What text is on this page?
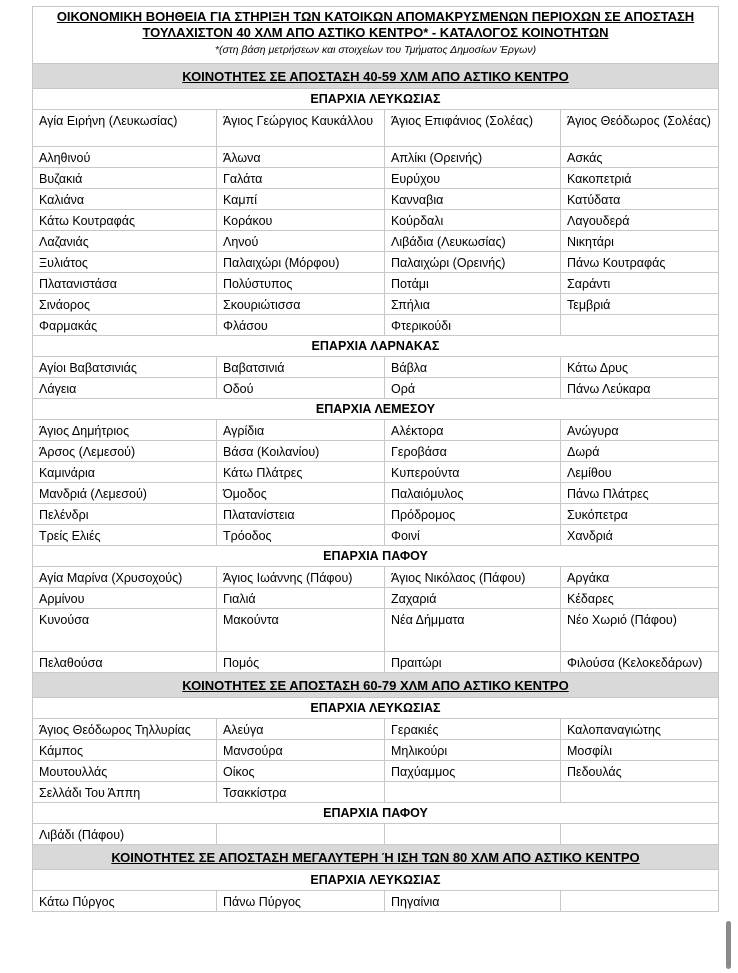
ΟΙΚΟΝΟΜΙΚΗ ΒΟΗΘΕΙΑ ΓΙΑ ΣΤΗΡΙΞΗ ΤΩΝ ΚΑΤΟΙΚΩΝ ΑΠΟΜΑΚΡΥΣΜΕΝΩΝ ΠΕΡΙΟΧΩΝ ΣΕ ΑΠΟΣΤΑΣΗ
ΤΟΥΛΑΧΙΣΤΟΝ 40 ΧΛΜ ΑΠΟ ΑΣΤΙΚΟ ΚΕΝΤΡΟ* - ΚΑΤΑΛΟΓΟΣ ΚΟΙΝΟΤΗΤΩΝ
*(στη βάση μετρήσεων και στοιχείων του Τμήματος Δημοσίων Έργων)			

ΚΟΙΝΟΤΗΤΕΣ ΣΕ ΑΠΟΣΤΑΣΗ 40-59 ΧΛΜ ΑΠΟ ΑΣΤΙΚΟ ΚΕΝΤΡΟ			
ΕΠΑΡΧΙΑ ΛΕΥΚΩΣΙΑΣ			
Αγία Ειρήνη (Λευκωσίας)	Άγιος Γεώργιος Καυκάλλου	Άγιος Επιφάνιος (Σολέας)	Άγιος Θεόδωρος (Σολέας)
Αληθινού	Άλωνα	Απλίκι (Ορεινής)	Ασκάς
Βυζακιά	Γαλάτα	Ευρύχου	Κακοπετριά
Καλιάνα	Καμπί	Κανναβια	Κατύδατα
Κάτω Κουτραφάς	Κοράκου	Κούρδαλι	Λαγουδερά
Λαζανιάς	Ληνού	Λιβάδια (Λευκωσίας)	Νικητάρι
Ξυλιάτος	Παλαιχώρι (Μόρφου)	Παλαιχώρι (Ορεινής)	Πάνω Κουτραφάς
Πλατανιστάσα	Πολύστυπος	Ποτάμι	Σαράντι
Σινάορος	Σκουριώτισσα	Σπήλια	Τεμβριά
Φαρμακάς	Φλάσου	Φτερικούδι	
ΕΠΑΡΧΙΑ ΛΑΡΝΑΚΑΣ			
Αγίοι Βαβατσινιάς	Βαβατσινιά	Βάβλα	Κάτω Δρυς
Λάγεια	Οδού	Ορά	Πάνω Λεύκαρα
ΕΠΑΡΧΙΑ ΛΕΜΕΣΟΥ			
Άγιος Δημήτριος	Αγρίδια	Αλέκτορα	Ανώγυρα
Άρσος (Λεμεσού)	Βάσα (Κοιλανίου)	Γεροβάσα	Δωρά
Καμινάρια	Κάτω Πλάτρες	Κυπερούντα	Λεμίθου
Μανδριά (Λεμεσού)	Όμοδος	Παλαιόμυλος	Πάνω Πλάτρες
Πελένδρι	Πλατανίστεια	Πρόδρομος	Συκόπετρα
Τρείς Ελιές	Τρόοδος	Φοινί	Χανδριά
ΕΠΑΡΧΙΑ ΠΑΦΟΥ			
Αγία Μαρίνα (Χρυσοχούς)	Άγιος Ιωάννης (Πάφου)	Άγιος Νικόλαος (Πάφου)	Αργάκα
Αρμίνου	Γιαλιά	Ζαχαριά	Κέδαρες
Κυνούσα	Μακούντα	Νέα Δήμματα	Νέο Χωριό (Πάφου)
Πελαθούσα	Πομός	Πραιτώρι	Φιλούσα (Κελοκεδάρων)
ΚΟΙΝΟΤΗΤΕΣ ΣΕ ΑΠΟΣΤΑΣΗ 60-79 ΧΛΜ ΑΠΟ ΑΣΤΙΚΟ ΚΕΝΤΡΟ			
ΕΠΑΡΧΙΑ ΛΕΥΚΩΣΙΑΣ			
Άγιος Θεόδωρος Τηλλυρίας	Αλεύγα	Γερακιές	Καλοπαναγιώτης
Κάμπος	Μανσούρα	Μηλικούρι	Μοσφίλι
Μουτουλλάς	Οίκος	Παχύαμμος	Πεδουλάς
Σελλάδι Του Άππη	Τσακκίστρα		
ΕΠΑΡΧΙΑ ΠΑΦΟΥ			
Λιβάδι (Πάφου)			
ΚΟΙΝΟΤΗΤΕΣ ΣΕ ΑΠΟΣΤΑΣΗ ΜΕΓΑΛΥΤΕΡΗ Ή ΙΣΗ ΤΩΝ 80 ΧΛΜ ΑΠΟ ΑΣΤΙΚΟ ΚΕΝΤΡΟ			
ΕΠΑΡΧΙΑ ΛΕΥΚΩΣΙΑΣ			
Κάτω Πύργος	Πάνω Πύργος	Πηγαίνια	
